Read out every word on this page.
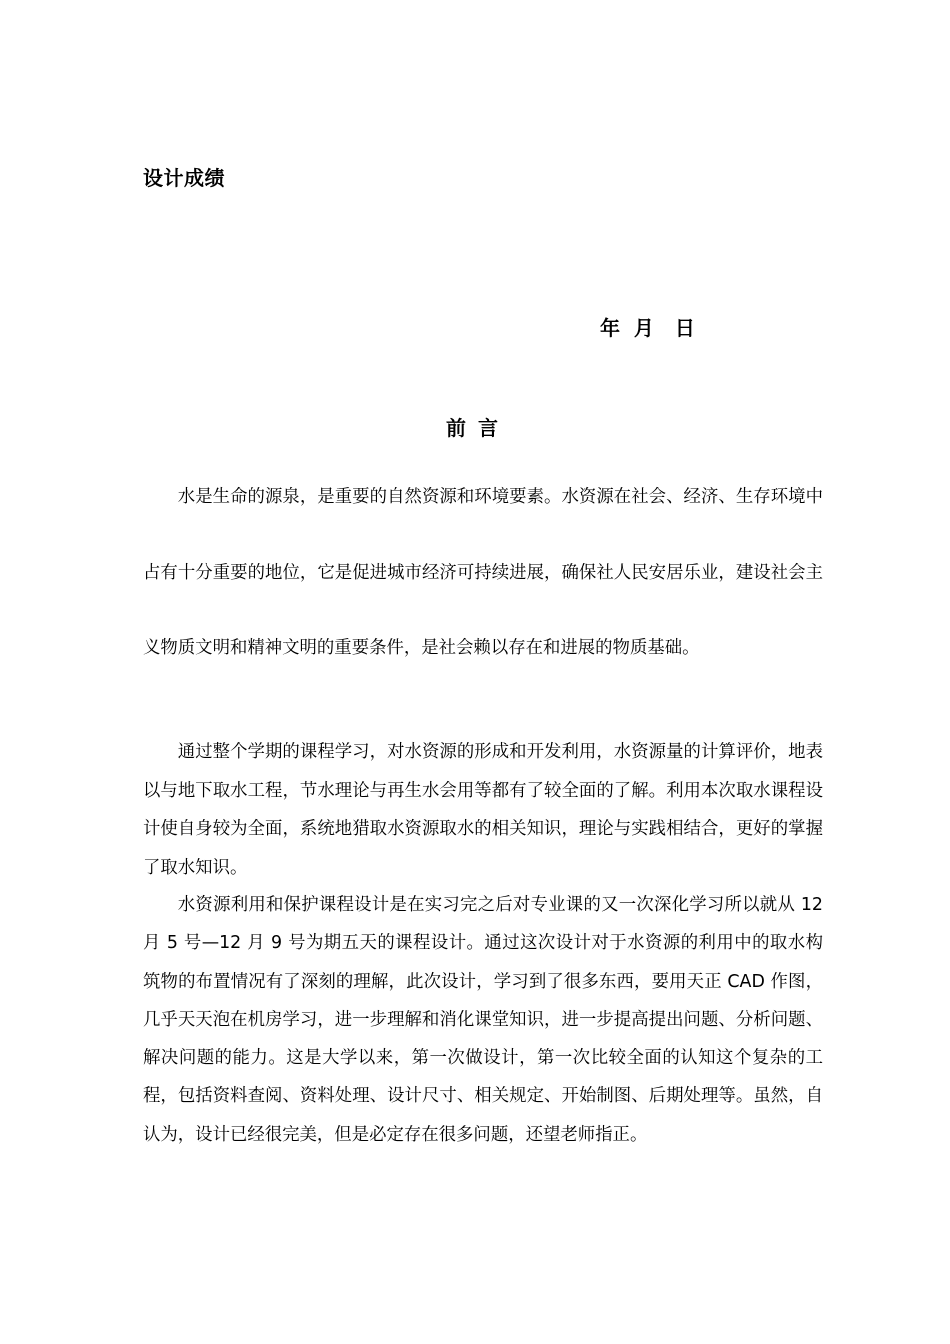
设计成绩
年  月   日
前言

水是生命的源泉，是重要的自然资源和环境要素。水资源在社会、经济、生存环境中占有十分重要的地位，它是促进城市经济可持续进展，确保社人民安居乐业，建设社会主义物质文明和精神文明的重要条件，是社会赖以存在和进展的物质基础。

通过整个学期的课程学习，对水资源的形成和开发利用，水资源量的计算评价，地表以与地下取水工程，节水理论与再生水会用等都有了较全面的了解。利用本次取水课程设计使自身较为全面，系统地猎取水资源取水的相关知识，理论与实践相结合，更好的掌握了取水知识。

水资源利用和保护课程设计是在实习完之后对专业课的又一次深化学习所以就从 12 月 5 号—12 月 9 号为期五天的课程设计。通过这次设计对于水资源的利用中的取水构筑物的布置情况有了深刻的理解，此次设计，学习到了很多东西，要用天正 CAD 作图，几乎天天泡在机房学习，进一步理解和消化课堂知识，进一步提高提出问题、分析问题、解决问题的能力。这是大学以来，第一次做设计，第一次比较全面的认知这个复杂的工程，包括资料查阅、资料处理、设计尺寸、相关规定、开始制图、后期处理等。虽然，自认为，设计已经很完美，但是必定存在很多问题，还望老师指正。
